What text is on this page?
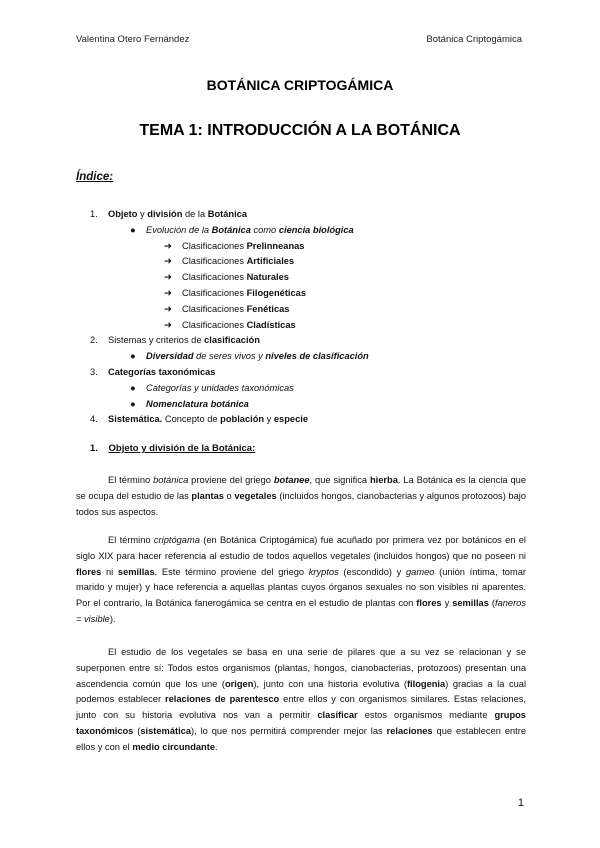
Valentina Otero Fernández	Botánica Criptogámica
BOTÁNICA CRIPTOGÁMICA
TEMA 1: INTRODUCCIÓN A LA BOTÁNICA
Índice:
1. Objeto y división de la Botánica
● Evolución de la Botánica como ciencia biológica
➔ Clasificaciones Prelinneanas
➔ Clasificaciones Artificiales
➔ Clasificaciones Naturales
➔ Clasificaciones Filogenéticas
➔ Clasificaciones Fenéticas
➔ Clasificaciones Cladísticas
2. Sistemas y criterios de clasificación
● Diversidad de seres vivos y niveles de clasificación
3. Categorías taxonómicas
● Categorías y unidades taxonómicas
● Nomenclatura botánica
4. Sistemática. Concepto de población y especie
1. Objeto y división de la Botánica:
El término botánica proviene del griego botanee, que significa hierba. La Botánica es la ciencia que se ocupa del estudio de las plantas o vegetales (incluidos hongos, cianobacterias y algunos protozoos) bajo todos sus aspectos.
El término criptógama (en Botánica Criptogámica) fue acuñado por primera vez por botánicos en el siglo XIX para hacer referencia al estudio de todos aquellos vegetales (incluidos hongos) que no poseen ni flores ni semillas. Este término proviene del griego kryptos (escondido) y gameo (unión íntima, tomar marido y mujer) y hace referencia a aquellas plantas cuyos órganos sexuales no son visibles ni aparentes. Por el contrario, la Botánica fanerogámica se centra en el estudio de plantas con flores y semillas (faneros = visible).
El estudio de los vegetales se basa en una serie de pilares que a su vez se relacionan y se superponen entre sí: Todos estos organismos (plantas, hongos, cianobacterias, protozoos) presentan una ascendencia común que los une (origen), junto con una historia evolutiva (filogenia) gracias a la cual podemos establecer relaciones de parentesco entre ellos y con organismos similares. Estas relaciones, junto con su historia evolutiva nos van a permitir clasificar estos organismos mediante grupos taxonómicos (sistemática), lo que nos permitirá comprender mejor las relaciones que establecen entre ellos y con el medio circundante.
1
